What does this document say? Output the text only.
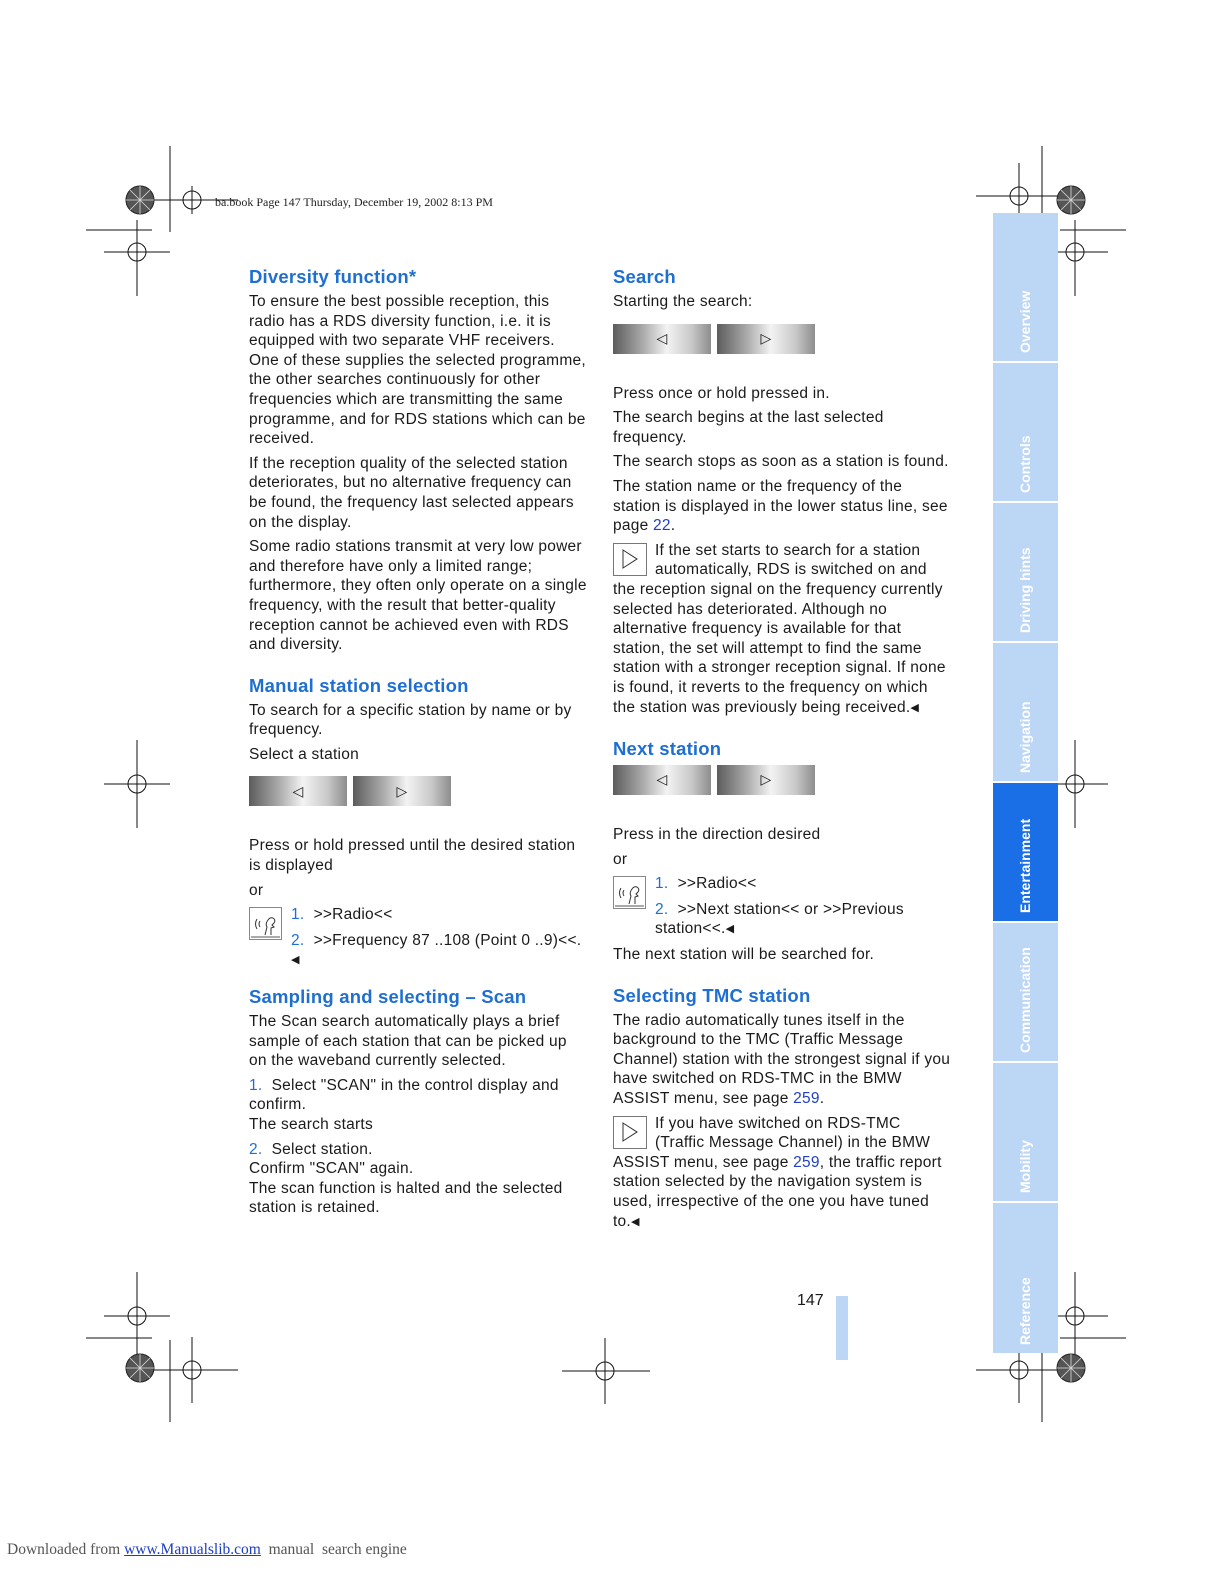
ba.book Page 147 Thursday, December 19, 2002 8:13 PM
Diversity function*

To ensure the best possible reception, this radio has a RDS diversity function, i.e. it is equipped with two separate VHF receivers. One of these supplies the selected programme, the other searches continuously for other frequencies which are transmitting the same programme, and for RDS stations which can be received.

If the reception quality of the selected station deteriorates, but no alternative frequency can be found, the frequency last selected appears on the display.

Some radio stations transmit at very low power and therefore have only a limited range; furthermore, they often only operate on a single frequency, with the result that better-quality reception cannot be achieved even with RDS and diversity.

Manual station selection

To search for a specific station by name or by frequency.

Select a station

◁	▷

Press or hold pressed until the desired station is displayed

or

1. >>Radio<<
2. >>Frequency 87 ..108 (Point 0 ..9)<<. ◀
Sampling and selecting – Scan

The Scan search automatically plays a brief sample of each station that can be picked up on the waveband currently selected.

1. Select "SCAN" in the control display and confirm.
The search starts

2. Select station.
Confirm "SCAN" again.
The scan function is halted and the selected station is retained.

Search

Starting the search:

◁	▷

Press once or hold pressed in.

The search begins at the last selected frequency.

The search stops as soon as a station is found.

The station name or the frequency of the station is displayed in the lower status line, see page 22.

If the set starts to search for a station automatically, RDS is switched on and the reception signal on the frequency currently selected has deteriorated. Although no alternative frequency is available for that station, the set will attempt to find the same station with a stronger reception signal. If none is found, it reverts to the frequency on which the station was previously being received.◀

Next station
◁	▷

Press in the direction desired

or

1. >>Radio<<
2. >>Next station<< or >>Previous station<<.◀

The next station will be searched for.

Selecting TMC station

The radio automatically tunes itself in the background to the TMC (Traffic Message Channel) station with the strongest signal if you have switched on RDS-TMC in the BMW ASSIST menu, see page 259.

If you have switched on RDS-TMC (Traffic Message Channel) in the BMW ASSIST menu, see page 259, the traffic report station selected by the navigation system is used, irrespective of the one you have tuned to.◀

Overview
Controls
Driving hints
Navigation
Entertainment
Communication
Mobility
Reference
147
Downloaded from www.Manualslib.com  manual  search engine
